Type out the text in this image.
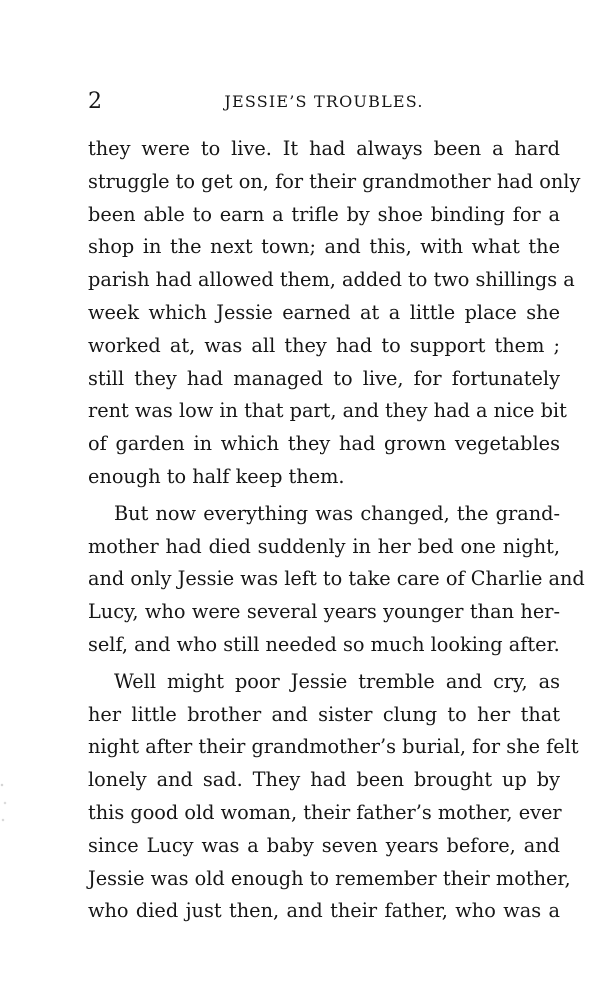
2	JESSIE’S TROUBLES.
they were to live. It had always been a hard
struggle to get on, for their grandmother had only
been able to earn a trifle by shoe binding for a
shop in the next town; and this, with what the
parish had allowed them, added to two shillings a
week which Jessie earned at a little place she
worked at, was all they had to support them ;
still they had managed to live, for fortunately
rent was low in that part, and they had a nice bit
of garden in which they had grown vegetables
enough to half keep them.
But now everything was changed, the grand-
mother had died suddenly in her bed one night,
and only Jessie was left to take care of Charlie and
Lucy, who were several years younger than her-
self, and who still needed so much looking after.
Well might poor Jessie tremble and cry, as
her little brother and sister clung to her that
night after their grandmother’s burial, for she felt
lonely and sad. They had been brought up by
this good old woman, their father’s mother, ever
since Lucy was a baby seven years before, and
Jessie was old enough to remember their mother,
who died just then, and their father, who was a
